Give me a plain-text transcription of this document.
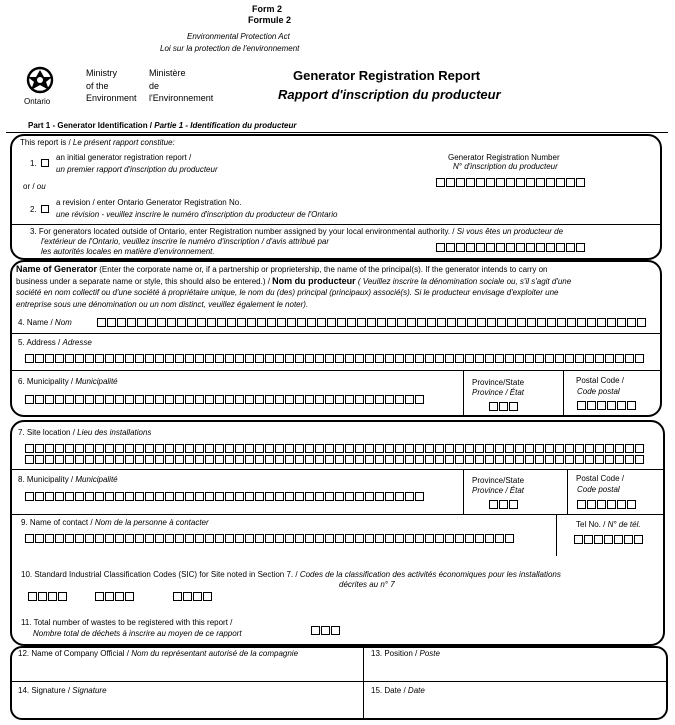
Form 2
Formule 2
Environmental Protection Act
Loi sur la protection de l'environnement
Ontario
Ministry
of the
Environment
Ministère
de
l'Environnement
Generator Registration Report
Rapport d'inscription du producteur
Part 1 - Generator Identification / Partie 1 - Identification du producteur
This report is / Le présent rapport constitue:
1.
an initial generator registration report /
un premier rapport d'inscription du producteur
or / ou
2.
a revision / enter Ontario Generator Registration No.
une révision - veuillez inscrire le numéro d'inscription du producteur de l'Ontario
Generator Registration Number
N° d'inscription du producteur
3. For generators located outside of Ontario, enter Registration number assigned by your local environmental authority. / Si vous êtes un producteur de
l'extérieur de l'Ontario, veuillez inscrire le numéro d'inscription / d'avis attribué par
les autorités locales en matière d'environnement.
Name of Generator (Enter the corporate name or, if a partnership or proprietership, the name of the principal(s). If the generator intends to carry on
business under a separate name or style, this should also be entered.) / Nom du producteur ( Veuillez inscrire la dénomination sociale ou, s'il s'agit d'une
société en nom collectif ou d'une société à propriétaire unique, le nom du (des) principal (principaux) associé(s). Si le producteur envisage d'exploiter une
entreprise sous une dénomination ou un nom distinct, veuillez également le noter).
4. Name / Nom
5. Address / Adresse
6. Municipality / Municipalité	Province/State
Province / État
Postal Code /
Code postal
7. Site location / Lieu des installations
8. Municipality / Municipalité	Province/State
Province / État
Postal Code /
Code postal
9. Name of contact / Nom de la personne à contacter	Tel No. / N° de tél.
10. Standard Industrial Classification Codes (SIC) for Site noted in Section 7. / Codes de la classification des activités économiques pour les installations
décrites au n° 7
11. Total number of wastes to be registered with this report /
Nombre total de déchets à inscrire au moyen de ce rapport
12. Name of Company Official / Nom du représentant autorisé de la compagnie	13. Position / Poste
14. Signature / Signature	15. Date / Date
